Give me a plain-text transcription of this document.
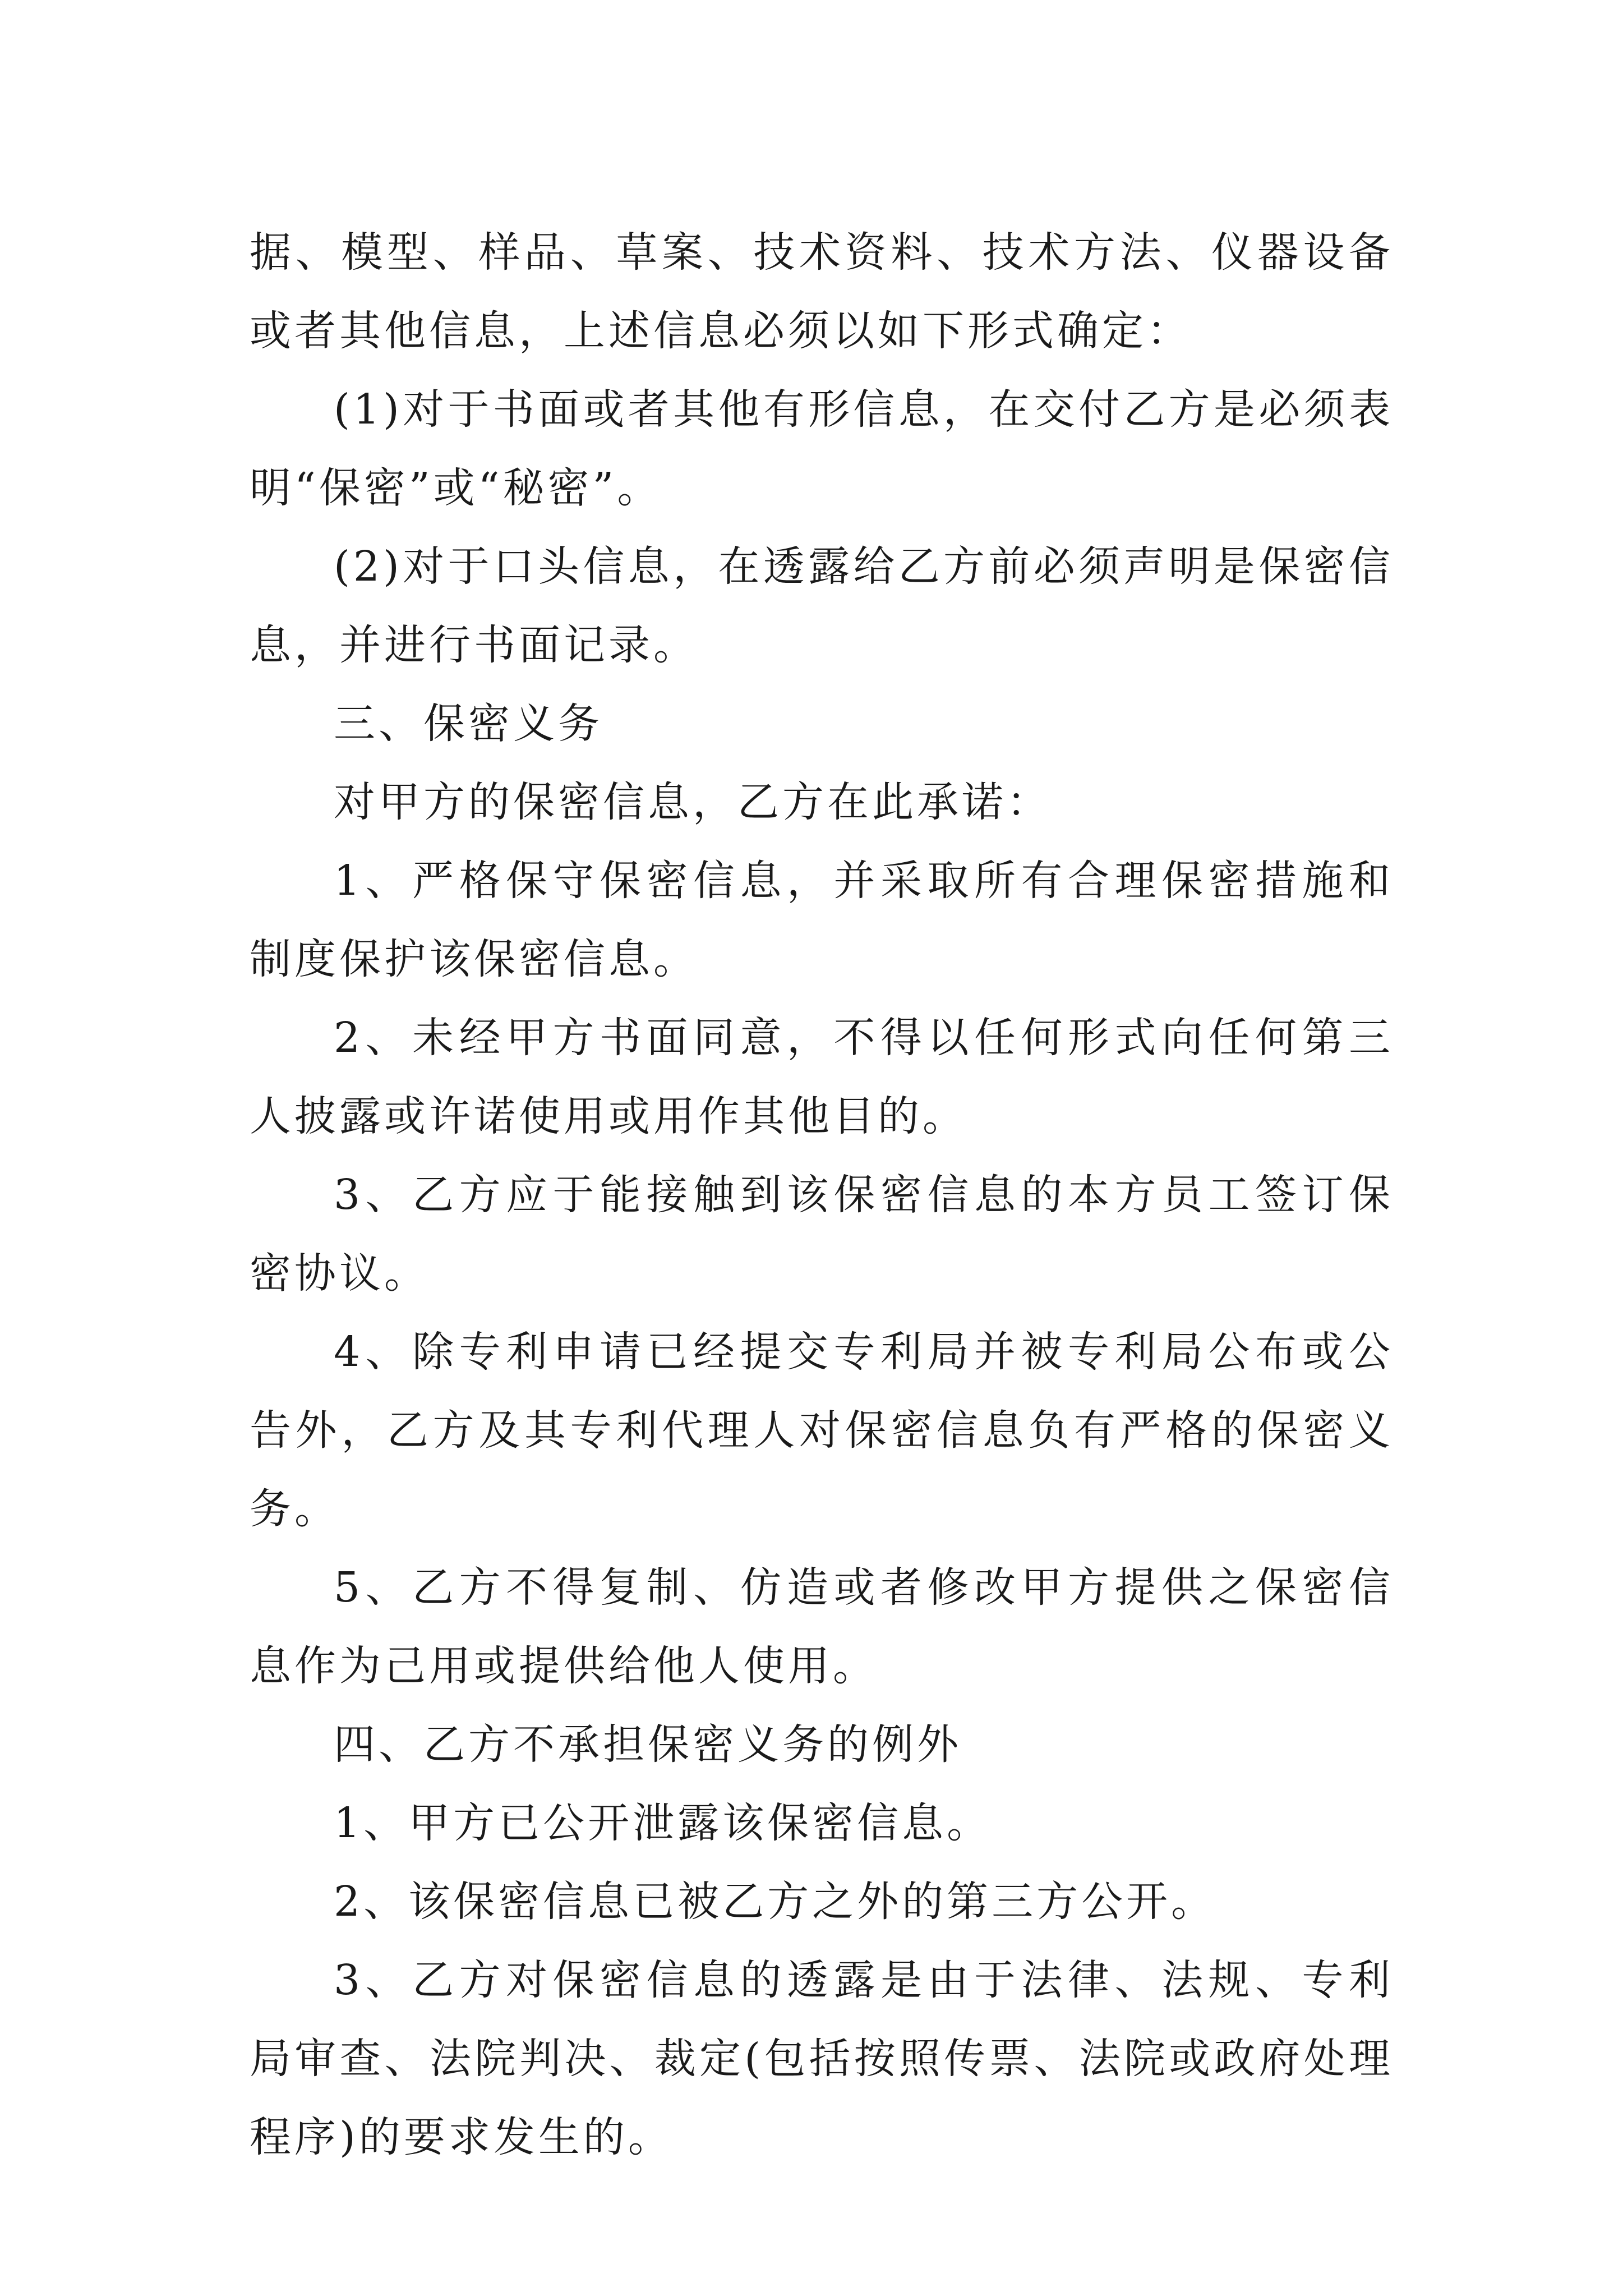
据、模型、样品、草案、技术资料、技术方法、仪器设备或者其他信息，上述信息必须以如下形式确定：

(1)对于书面或者其他有形信息，在交付乙方是必须表明“保密”或“秘密”。

(2)对于口头信息，在透露给乙方前必须声明是保密信息，并进行书面记录。

三、保密义务

对甲方的保密信息，乙方在此承诺：

1、严格保守保密信息，并采取所有合理保密措施和制度保护该保密信息。

2、未经甲方书面同意，不得以任何形式向任何第三人披露或许诺使用或用作其他目的。

3、乙方应于能接触到该保密信息的本方员工签订保密协议。

4、除专利申请已经提交专利局并被专利局公布或公告外，乙方及其专利代理人对保密信息负有严格的保密义务。

5、乙方不得复制、仿造或者修改甲方提供之保密信息作为己用或提供给他人使用。

四、乙方不承担保密义务的例外

1、甲方已公开泄露该保密信息。

2、该保密信息已被乙方之外的第三方公开。

3、乙方对保密信息的透露是由于法律、法规、专利局审查、法院判决、裁定(包括按照传票、法院或政府处理程序)的要求发生的。
